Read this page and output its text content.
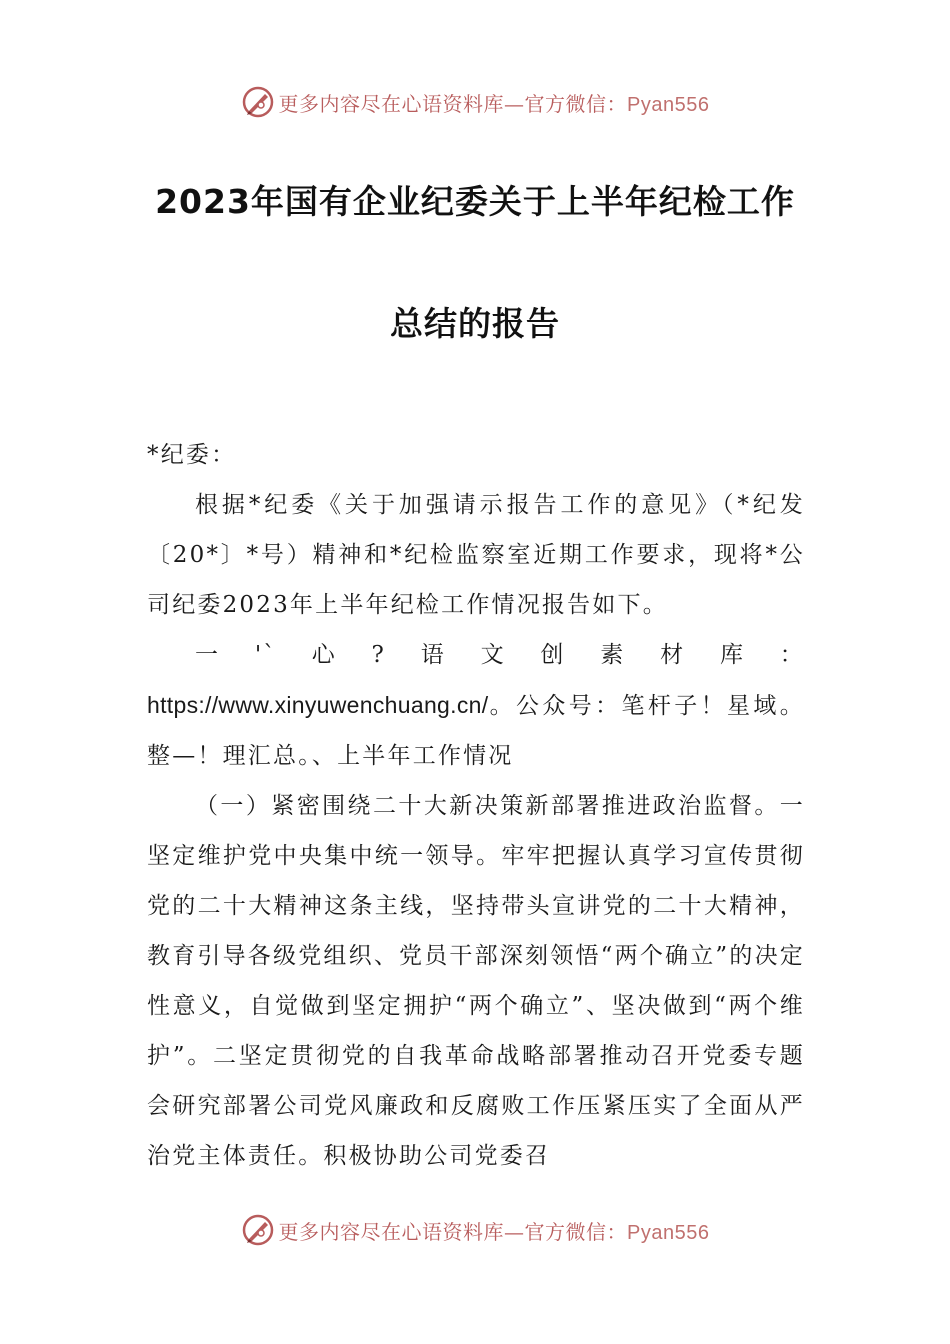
更多内容尽在心语资料库—官方微信：Pyan556
2023年国有企业纪委关于上半年纪检工作
总结的报告

*纪委：

根据*纪委《关于加强请示报告工作的意见》（*纪发〔20*〕*号）精神和*纪检监察室近期工作要求，现将*公司纪委2023年上半年纪检工作情况报告如下。

一'`心?语文创素材库：https://www.xinyuwenchuang.cn/。公众号：笔杆子！星域。整—！理汇总。、上半年工作情况

（一）紧密围绕二十大新决策新部署推进政治监督。一坚定维护党中央集中统一领导。牢牢把握认真学习宣传贯彻党的二十大精神这条主线，坚持带头宣讲党的二十大精神，教育引导各级党组织、党员干部深刻领悟“两个确立”的决定性意义，自觉做到坚定拥护“两个确立”、坚决做到“两个维护”。二坚定贯彻党的自我革命战略部署推动召开党委专题会研究部署公司党风廉政和反腐败工作压紧压实了全面从严治党主体责任。积极协助公司党委召

更多内容尽在心语资料库—官方微信：Pyan556
